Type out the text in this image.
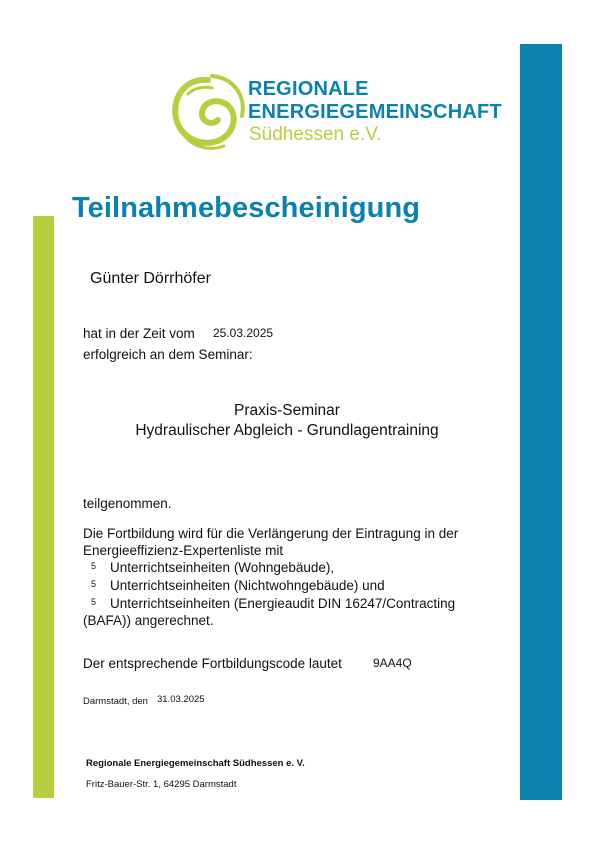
REGIONALE
ENERGIEGEMEINSCHAFT
Südhessen e.V.
Teilnahmebescheinigung
Günter Dörrhöfer
hat in der Zeit vom 25.03.2025
erfolgreich an dem Seminar:
Praxis-Seminar
Hydraulischer Abgleich - Grundlagentraining
teilgenommen.
Die Fortbildung wird für die Verlängerung der Eintragung in der
Energieeffizienz-Expertenliste mit
5 Unterrichtseinheiten (Wohngebäude),
5 Unterrichtseinheiten (Nichtwohngebäude) und
5 Unterrichtseinheiten (Energieaudit DIN 16247/Contracting
(BAFA)) angerechnet.
Der entsprechende Fortbildungscode lautet	9AA4Q
Darmstadt, den 31.03.2025
Regionale Energiegemeinschaft Südhessen e. V.
Fritz-Bauer-Str. 1, 64295 Darmstadt
